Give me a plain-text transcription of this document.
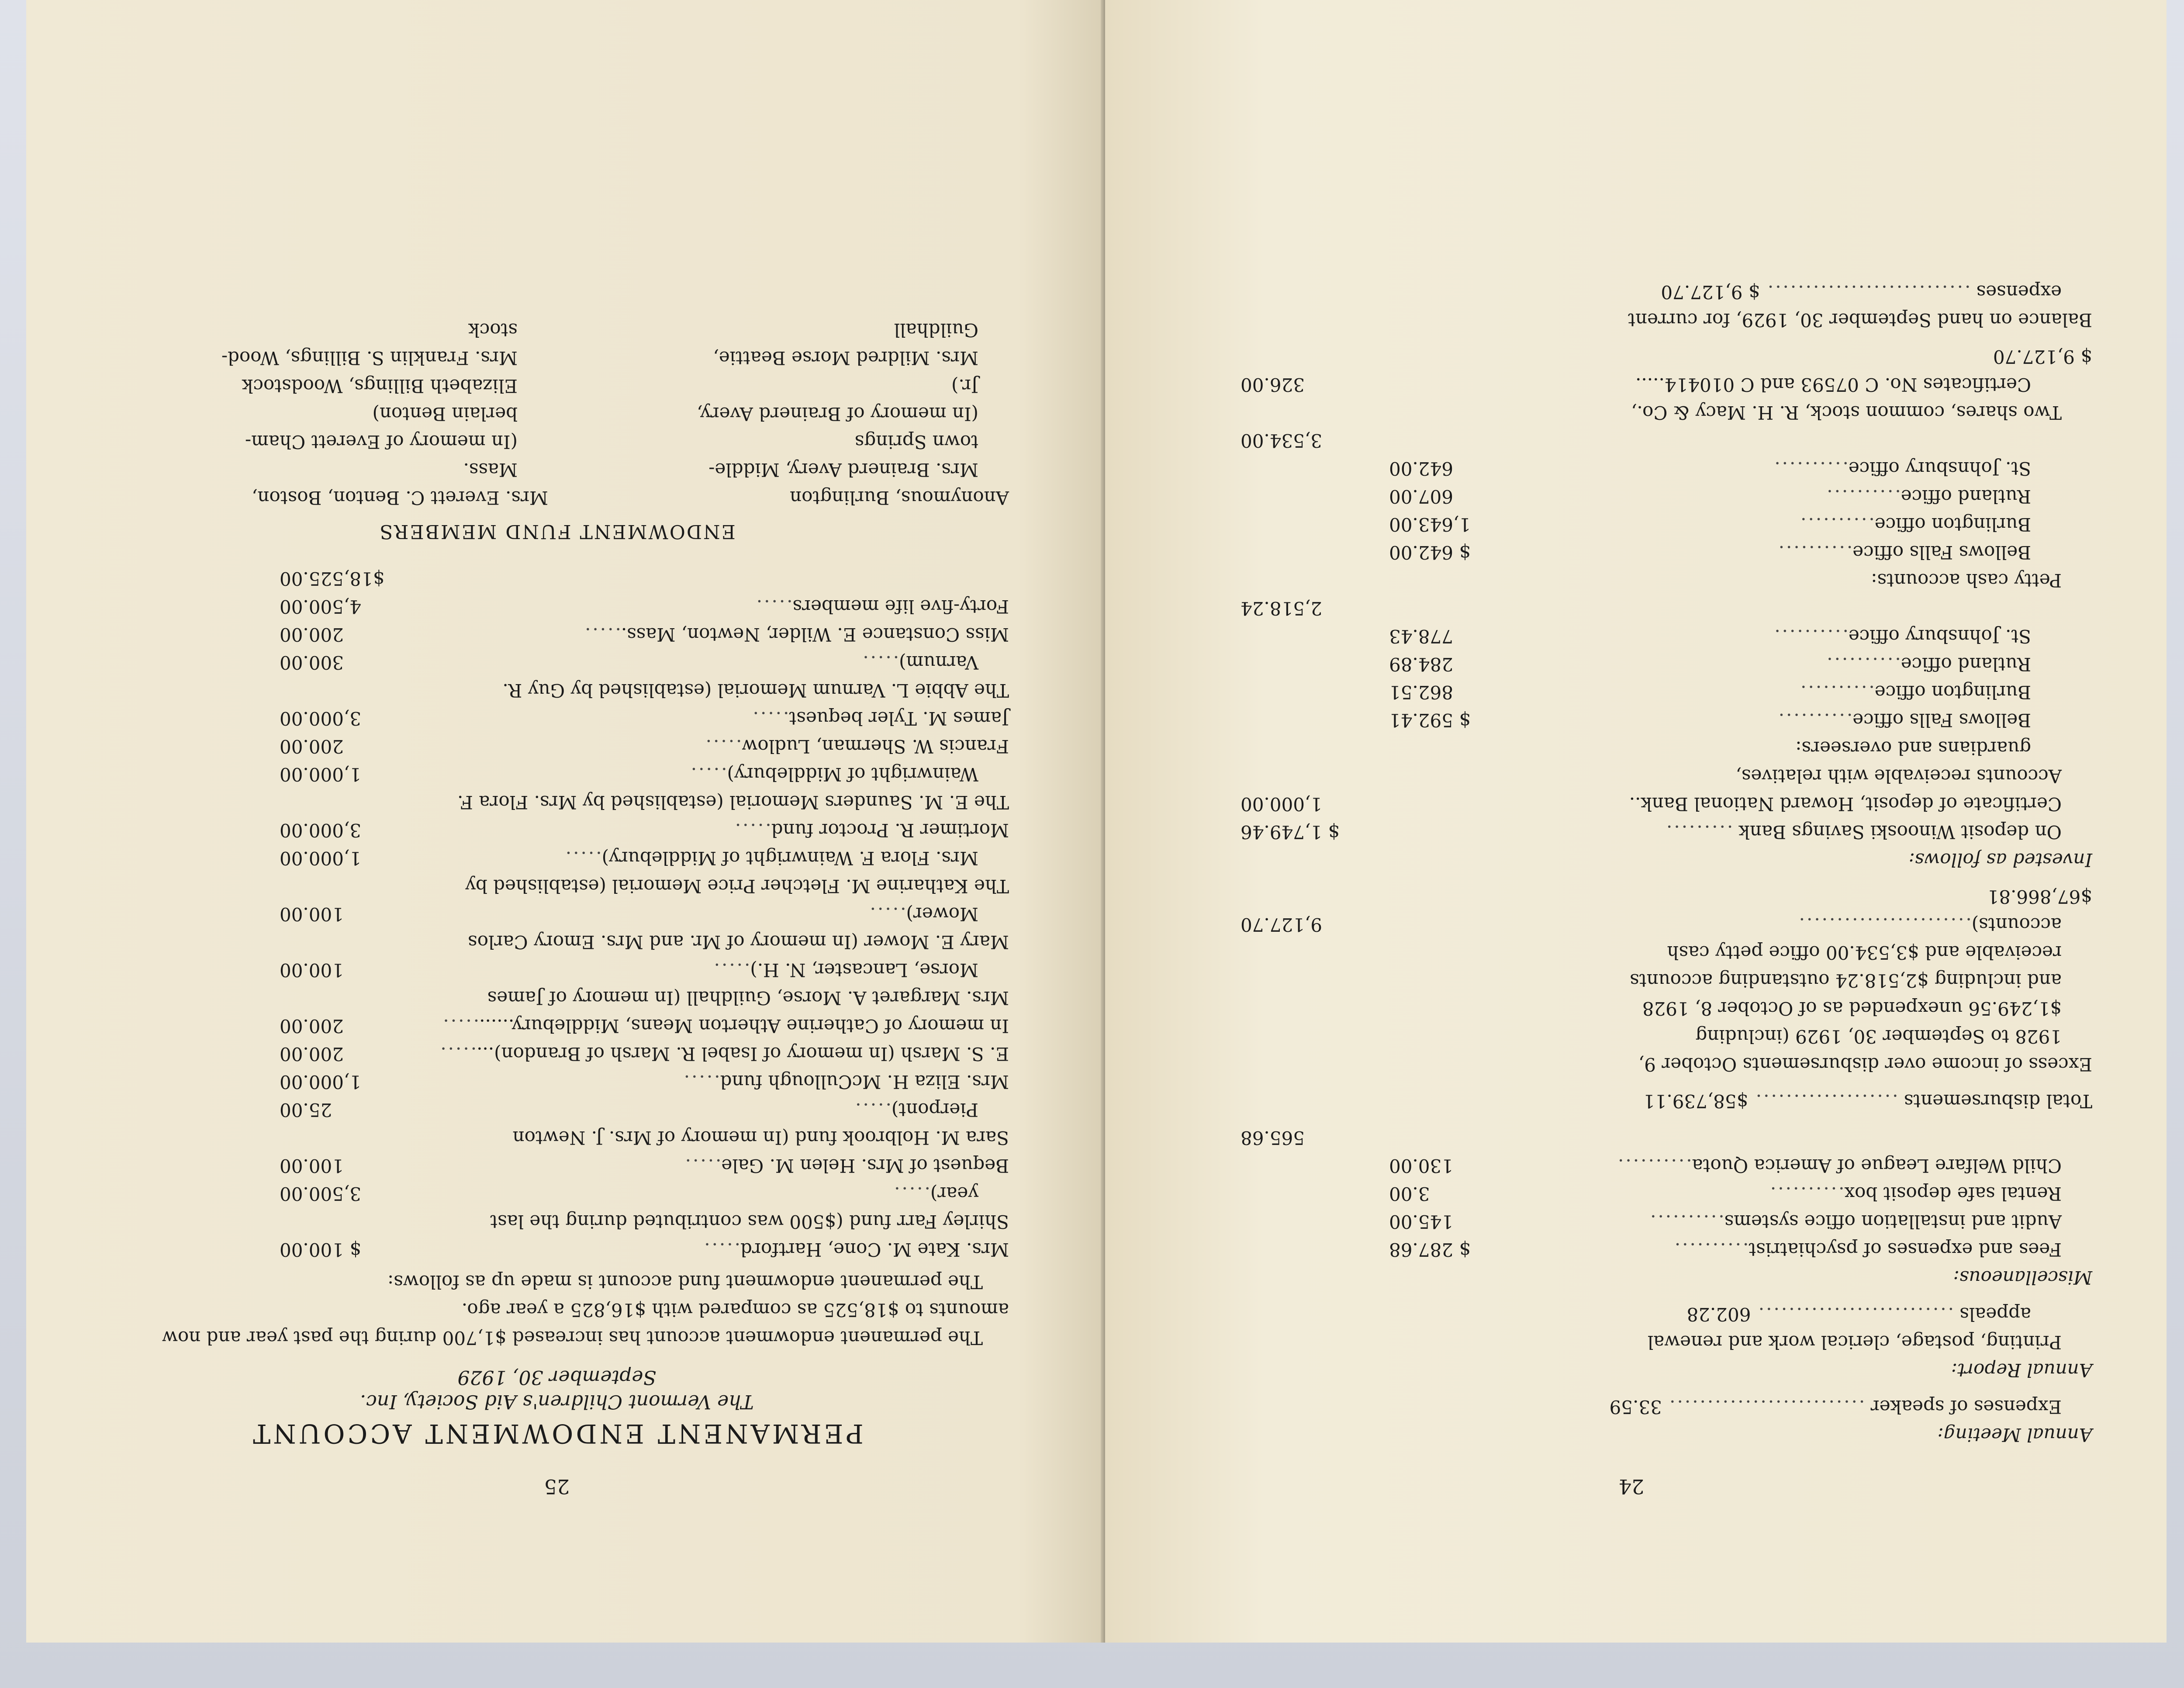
25
PERMANENT ENDOWMENT ACCOUNT
The Vermont Children's Aid Society, Inc.
September 30, 1929
The permanent endowment account has increased $1,700 during the past year and now amounts to $18,525 as compared with $16,825 a year ago.
The permanent endowment fund account is made up as follows:
Mrs. Kate M. Cone, Hartford.....
$ 100.00
Shirley Farr fund ($500 was contributed during the last
year).....
3,500.00
Bequest of Mrs. Helen M. Gale.....
100.00
Sara M. Holbrook fund (In memory of Mrs. J. Newton
Pierpont).....
25.00
Mrs. Eliza H. McCullough fund.....
1,000.00
E. S. Marsh (In memory of Isabel R. Marsh of Brandon)........
200.00
In memory of Catherine Atherton Means, Middlebury...........
200.00
Mrs. Margaret A. Morse, Guildhall (In memory of James
Morse, Lancaster, N. H.).....
100.00
Mary E. Mower (In memory of Mr. and Mrs. Emory Carlos
Mower).....
100.00
The Katharine M. Fletcher Price Memorial (established by
Mrs. Flora F. Wainwright of Middlebury).....
1,000.00
Mortimer R. Proctor fund.....
3,000.00
The E. M. Saunders Memorial (established by Mrs. Flora F.
Wainwright of Middlebury).....
1,000.00
Francis W. Sherman, Ludlow.....
200.00
James M. Tyler bequest.....
3,000.00
The Abbie L. Varnum Memorial (established by Guy R.
Varnum).....
300.00
Miss Constance E. Wilder, Newton, Mass......
200.00
Forty-five life members.....
4,500.00
$18,525.00
ENDOWMENT FUND MEMBERS
Anonymous, Burlington
Mrs. Brainerd Avery, Middle-
town Springs
(In memory of Brainerd Avery,
Jr.)
Mrs. Mildred Morse Beattie,
Guildhall
Mrs. Everett C. Benton, Boston,
Mass.
(In memory of Everett Cham-
berlain Benton)
Elizabeth Billings, Woodstock
Mrs. Franklin S. Billings, Wood-
stock
24
Annual Meeting:
Expenses of speaker .......................... 33.59
Annual Report:
Printing, postage, clerical work and renewal
appeals .......................... 602.28
Miscellaneous:
Fees and expenses of psychiatrist..........
$ 287.68
Audit and installation office systems..........
145.00
Rental safe deposit box..........
3.00
Child Welfare League of America Quota..........
130.00
565.68
Total disbursements ................... $58,739.11
Excess of income over disbursements October 9,
1928 to September 30, 1929 (including
$1,249.56 unexpended as of October 8, 1928
and including $2,518.24 outstanding accounts
receivable and $3,534.00 office petty cash
accounts).......................
9,127.70
$67,866.81
Invested as follows:
On deposit Winooski Savings Bank .........
$ 1,749.46
Certificate of deposit, Howard National Bank..
1,000.00
Accounts receivable with relatives,
guardians and overseers:
Bellows Falls office..........
$ 592.41
Burlington office..........
862.51
Rutland office..........
284.89
St. Johnsbury office..........
778.43
2,518.24
Petty cash accounts:
Bellows Falls office..........
$ 642.00
Burlington office..........
1,643.00
Rutland office..........
607.00
St. Johnsbury office..........
642.00
3,534.00
Two shares, common stock, R. H. Macy & Co.,
Certificates No. C 07593 and C 010414.....
326.00
$ 9,127.70
Balance on hand September 30, 1929, for current
expenses ........................... $ 9,127.70
